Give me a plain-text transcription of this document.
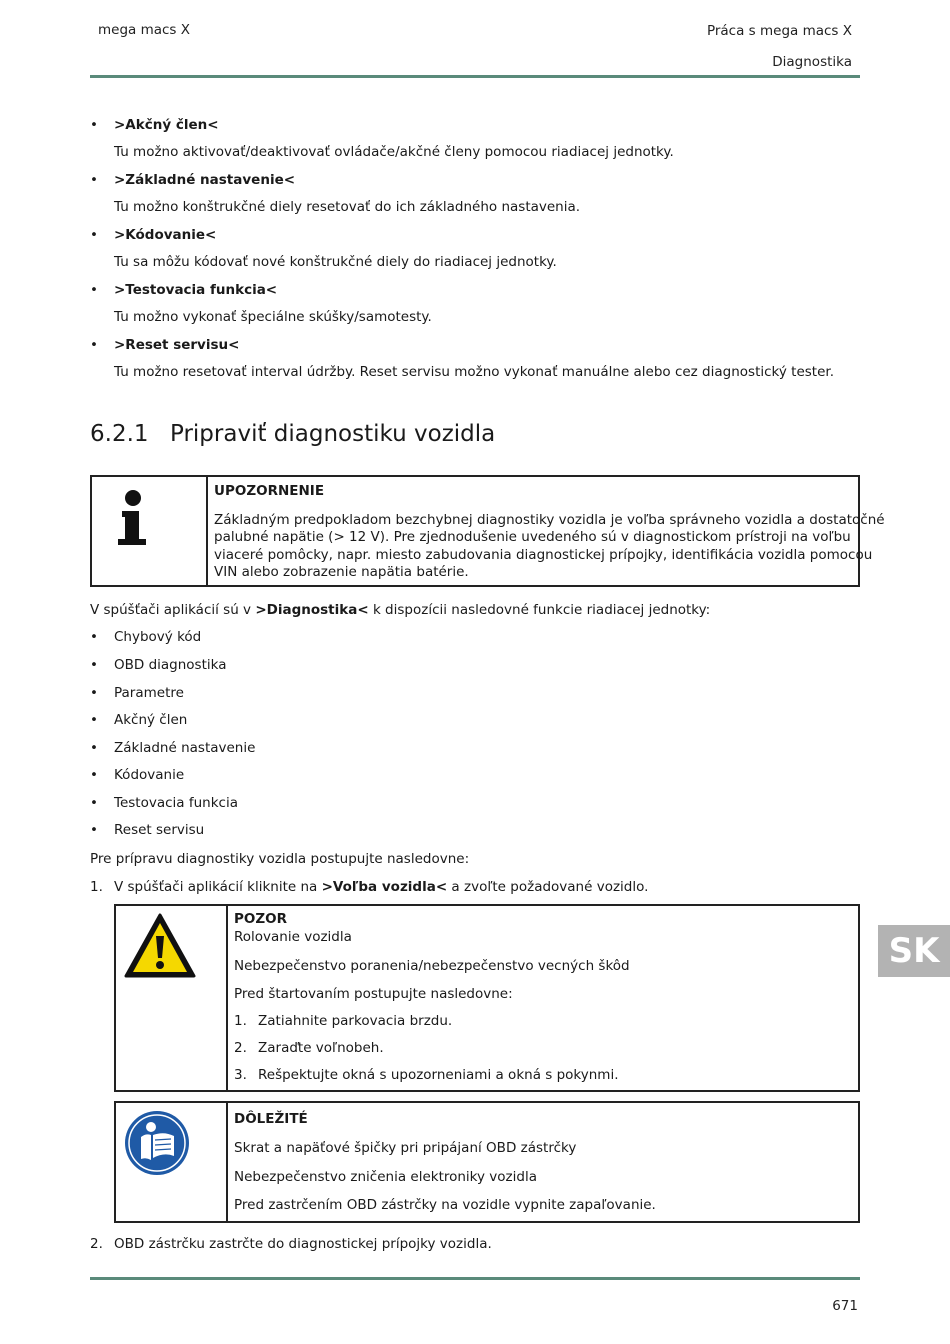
mega macs X	Práca s mega macs X
Diagnostika
• >Akčný člen<
Tu možno aktivovať/deaktivovať ovládače/akčné členy pomocou riadiacej jednotky.
• >Základné nastavenie<
Tu možno konštrukčné diely resetovať do ich základného nastavenia.
• >Kódovanie<
Tu sa môžu kódovať nové konštrukčné diely do riadiacej jednotky.
• >Testovacia funkcia<
Tu možno vykonať špeciálne skúšky/samotesty.
• >Reset servisu<
Tu možno resetovať interval údržby. Reset servisu možno vykonať manuálne alebo cez diagnostický tester.
6.2.1 Pripraviť diagnostiku vozidla
UPOZORNENIE
Základným predpokladom bezchybnej diagnostiky vozidla je voľba správneho vozidla a dostatočné
palubné napätie (> 12 V). Pre zjednodušenie uvedeného sú v diagnostickom prístroji na voľbu
viaceré pomôcky, napr. miesto zabudovania diagnostickej prípojky, identifikácia vozidla pomocou
VIN alebo zobrazenie napätia batérie.
V spúšťači aplikácií sú v >Diagnostika< k dispozícii nasledovné funkcie riadiacej jednotky:
• Chybový kód
• OBD diagnostika
• Parametre
• Akčný člen
• Základné nastavenie
• Kódovanie
• Testovacia funkcia
• Reset servisu
Pre prípravu diagnostiky vozidla postupujte nasledovne:
1. V spúšťači aplikácií kliknite na >Voľba vozidla< a zvoľte požadované vozidlo.
POZOR
Rolovanie vozidla
Nebezpečenstvo poranenia/nebezpečenstvo vecných škôd
Pred štartovaním postupujte nasledovne:
1. Zatiahnite parkovacia brzdu.
2. Zaraďte voľnobeh.
3. Rešpektujte okná s upozorneniami a okná s pokynmi.
DÔLEŽITÉ
Skrat a napäťové špičky pri pripájaní OBD zástrčky
Nebezpečenstvo zničenia elektroniky vozidla
Pred zastrčením OBD zástrčky na vozidle vypnite zapaľovanie.
2. OBD zástrčku zastrčte do diagnostickej prípojky vozidla.
671
SK
